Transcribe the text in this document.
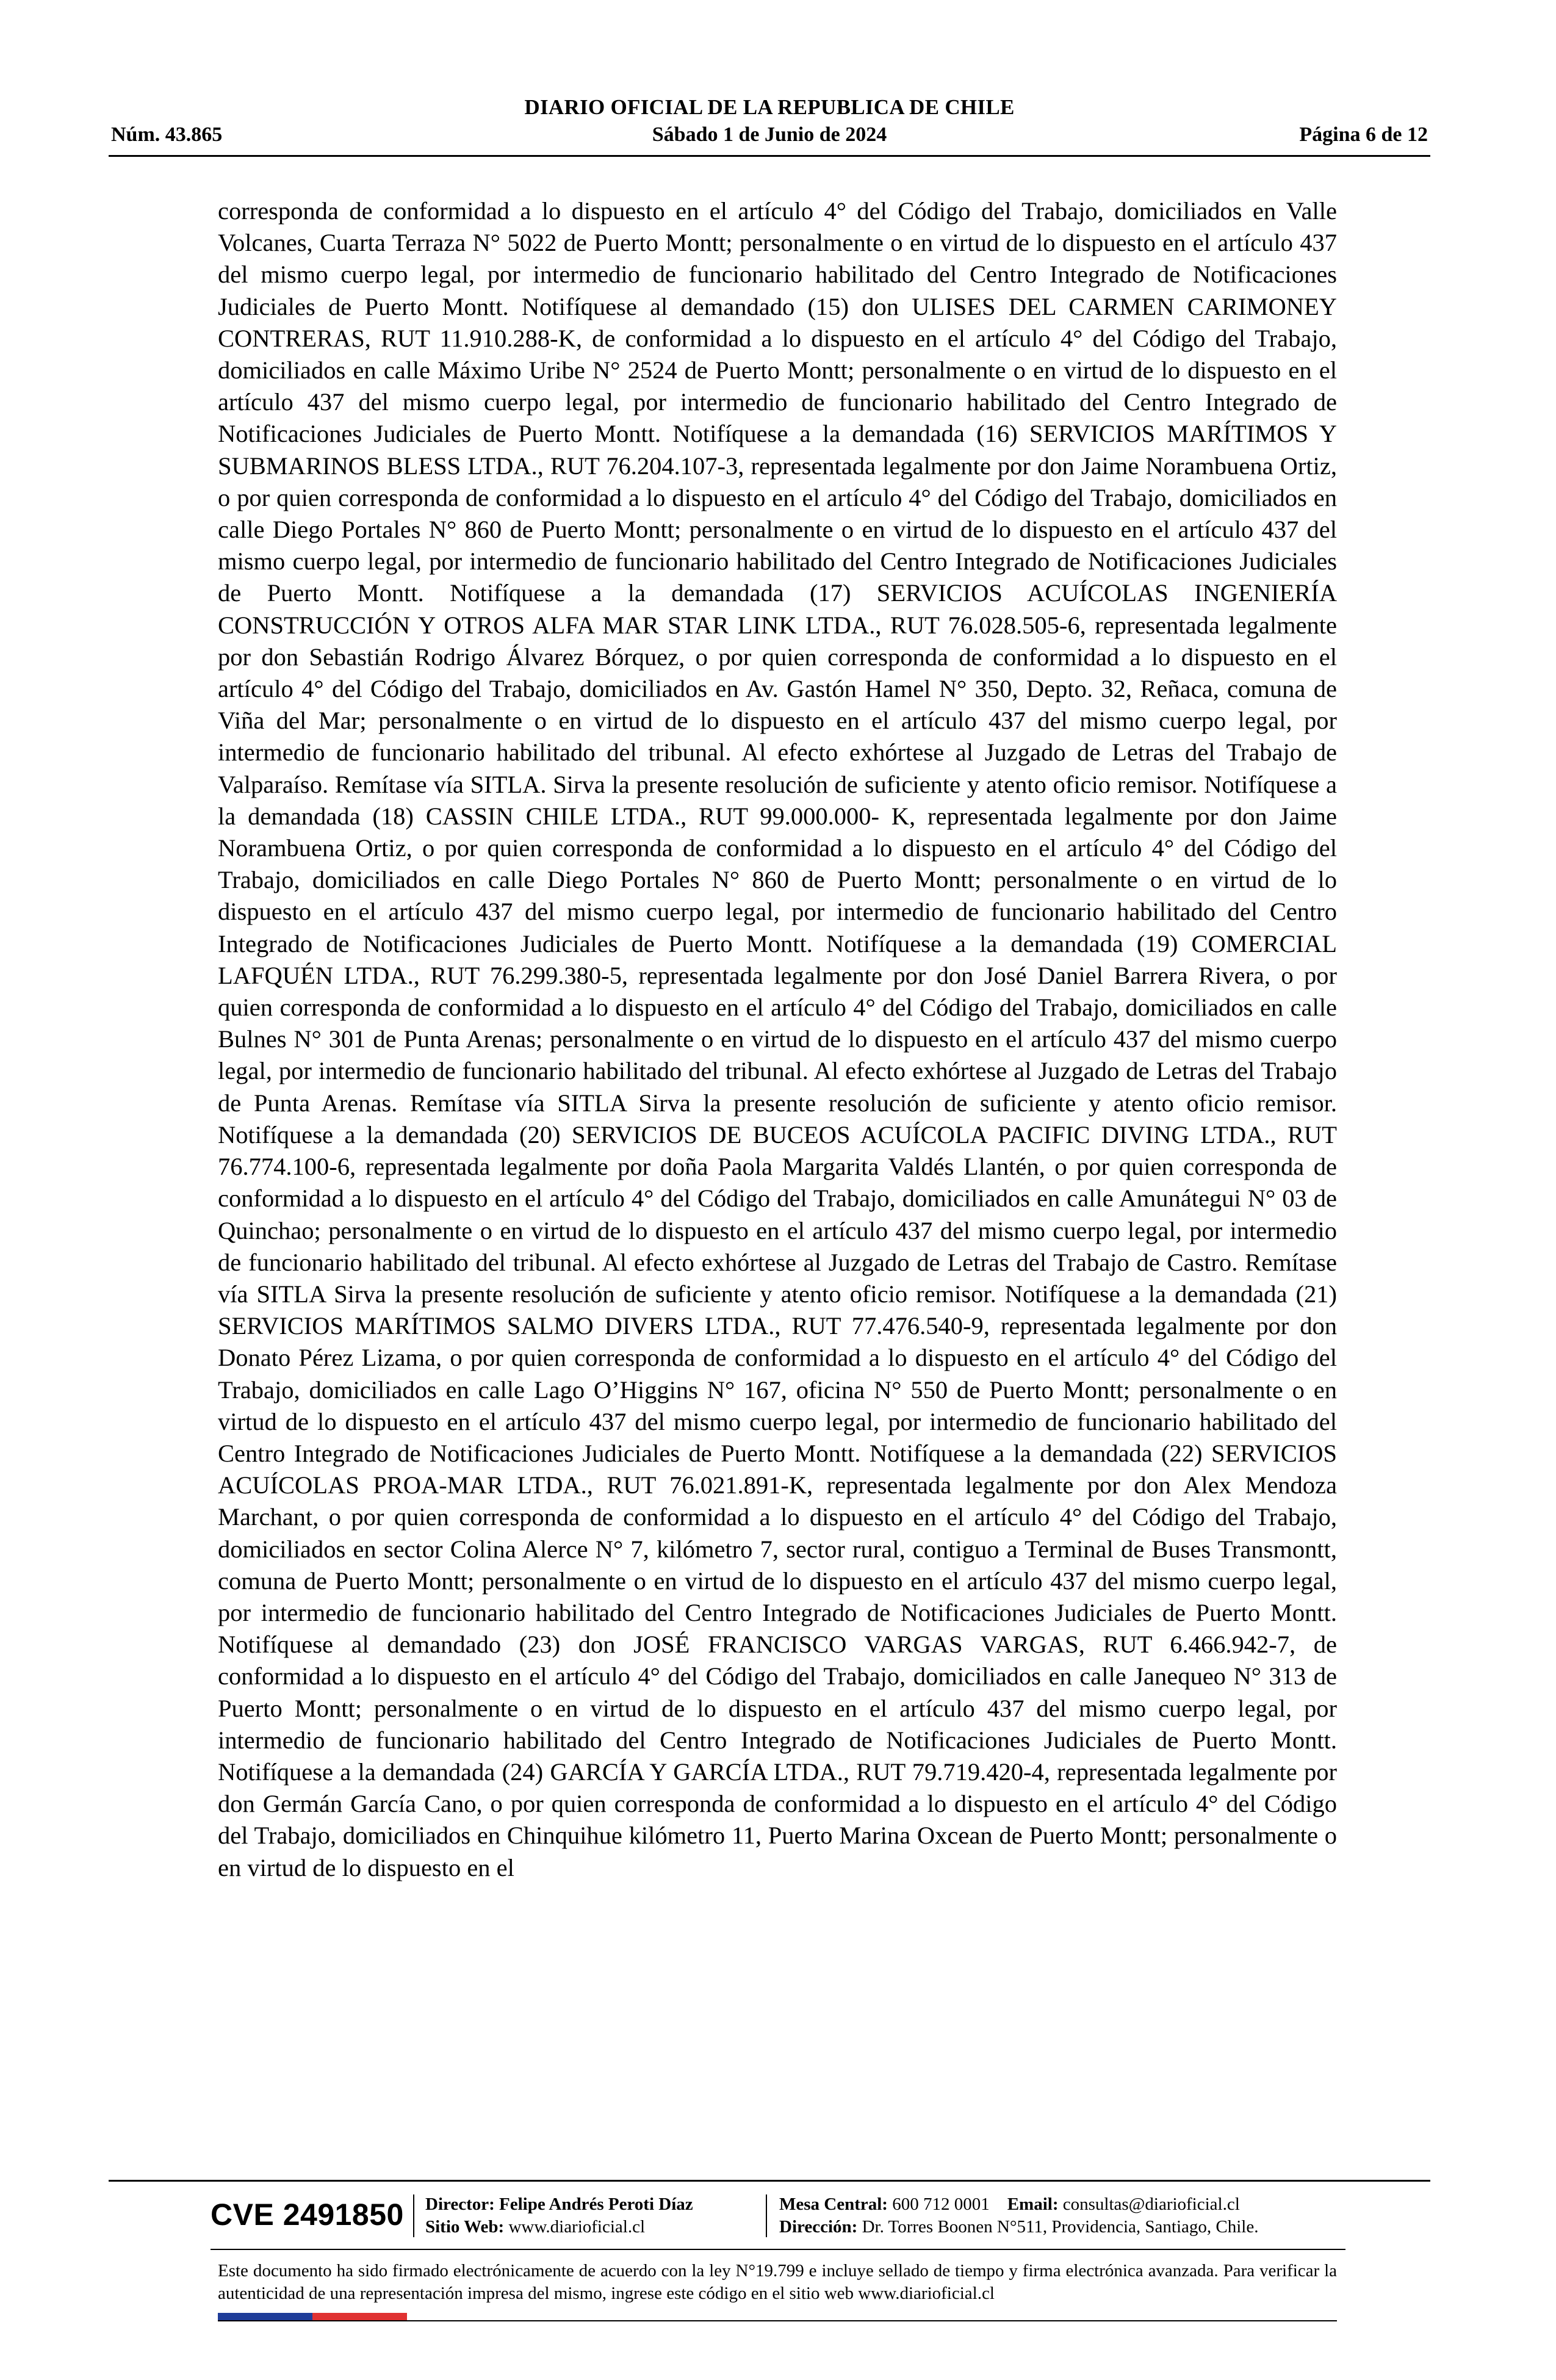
DIARIO OFICIAL DE LA REPUBLICA DE CHILE
Núm. 43.865	Sábado 1 de Junio de 2024	Página 6 de 12
corresponda de conformidad a lo dispuesto en el artículo 4° del Código del Trabajo, domiciliados en Valle Volcanes, Cuarta Terraza N° 5022 de Puerto Montt; personalmente o en virtud de lo dispuesto en el artículo 437 del mismo cuerpo legal, por intermedio de funcionario habilitado del Centro Integrado de Notificaciones Judiciales de Puerto Montt. Notifíquese al demandado (15) don ULISES DEL CARMEN CARIMONEY CONTRERAS, RUT 11.910.288-K, de conformidad a lo dispuesto en el artículo 4° del Código del Trabajo, domiciliados en calle Máximo Uribe N° 2524 de Puerto Montt; personalmente o en virtud de lo dispuesto en el artículo 437 del mismo cuerpo legal, por intermedio de funcionario habilitado del Centro Integrado de Notificaciones Judiciales de Puerto Montt. Notifíquese a la demandada (16) SERVICIOS MARÍTIMOS Y SUBMARINOS BLESS LTDA., RUT 76.204.107-3, representada legalmente por don Jaime Norambuena Ortiz, o por quien corresponda de conformidad a lo dispuesto en el artículo 4° del Código del Trabajo, domiciliados en calle Diego Portales N° 860 de Puerto Montt; personalmente o en virtud de lo dispuesto en el artículo 437 del mismo cuerpo legal, por intermedio de funcionario habilitado del Centro Integrado de Notificaciones Judiciales de Puerto Montt. Notifíquese a la demandada (17) SERVICIOS ACUÍCOLAS INGENIERÍA CONSTRUCCIÓN Y OTROS ALFA MAR STAR LINK LTDA., RUT 76.028.505-6, representada legalmente por don Sebastián Rodrigo Álvarez Bórquez, o por quien corresponda de conformidad a lo dispuesto en el artículo 4° del Código del Trabajo, domiciliados en Av. Gastón Hamel N° 350, Depto. 32, Reñaca, comuna de Viña del Mar; personalmente o en virtud de lo dispuesto en el artículo 437 del mismo cuerpo legal, por intermedio de funcionario habilitado del tribunal. Al efecto exhórtese al Juzgado de Letras del Trabajo de Valparaíso. Remítase vía SITLA. Sirva la presente resolución de suficiente y atento oficio remisor. Notifíquese a la demandada (18) CASSIN CHILE LTDA., RUT 99.000.000- K, representada legalmente por don Jaime Norambuena Ortiz, o por quien corresponda de conformidad a lo dispuesto en el artículo 4° del Código del Trabajo, domiciliados en calle Diego Portales N° 860 de Puerto Montt; personalmente o en virtud de lo dispuesto en el artículo 437 del mismo cuerpo legal, por intermedio de funcionario habilitado del Centro Integrado de Notificaciones Judiciales de Puerto Montt. Notifíquese a la demandada (19) COMERCIAL LAFQUÉN LTDA., RUT 76.299.380-5, representada legalmente por don José Daniel Barrera Rivera, o por quien corresponda de conformidad a lo dispuesto en el artículo 4° del Código del Trabajo, domiciliados en calle Bulnes N° 301 de Punta Arenas; personalmente o en virtud de lo dispuesto en el artículo 437 del mismo cuerpo legal, por intermedio de funcionario habilitado del tribunal. Al efecto exhórtese al Juzgado de Letras del Trabajo de Punta Arenas. Remítase vía SITLA Sirva la presente resolución de suficiente y atento oficio remisor. Notifíquese a la demandada (20) SERVICIOS DE BUCEOS ACUÍCOLA PACIFIC DIVING LTDA., RUT 76.774.100-6, representada legalmente por doña Paola Margarita Valdés Llantén, o por quien corresponda de conformidad a lo dispuesto en el artículo 4° del Código del Trabajo, domiciliados en calle Amunátegui N° 03 de Quinchao; personalmente o en virtud de lo dispuesto en el artículo 437 del mismo cuerpo legal, por intermedio de funcionario habilitado del tribunal. Al efecto exhórtese al Juzgado de Letras del Trabajo de Castro. Remítase vía SITLA Sirva la presente resolución de suficiente y atento oficio remisor. Notifíquese a la demandada (21) SERVICIOS MARÍTIMOS SALMO DIVERS LTDA., RUT 77.476.540-9, representada legalmente por don Donato Pérez Lizama, o por quien corresponda de conformidad a lo dispuesto en el artículo 4° del Código del Trabajo, domiciliados en calle Lago O’Higgins N° 167, oficina N° 550 de Puerto Montt; personalmente o en virtud de lo dispuesto en el artículo 437 del mismo cuerpo legal, por intermedio de funcionario habilitado del Centro Integrado de Notificaciones Judiciales de Puerto Montt. Notifíquese a la demandada (22) SERVICIOS ACUÍCOLAS PROA-MAR LTDA., RUT 76.021.891-K, representada legalmente por don Alex Mendoza Marchant, o por quien corresponda de conformidad a lo dispuesto en el artículo 4° del Código del Trabajo, domiciliados en sector Colina Alerce N° 7, kilómetro 7, sector rural, contiguo a Terminal de Buses Transmontt, comuna de Puerto Montt; personalmente o en virtud de lo dispuesto en el artículo 437 del mismo cuerpo legal, por intermedio de funcionario habilitado del Centro Integrado de Notificaciones Judiciales de Puerto Montt. Notifíquese al demandado (23) don JOSÉ FRANCISCO VARGAS VARGAS, RUT 6.466.942-7, de conformidad a lo dispuesto en el artículo 4° del Código del Trabajo, domiciliados en calle Janequeo N° 313 de Puerto Montt; personalmente o en virtud de lo dispuesto en el artículo 437 del mismo cuerpo legal, por intermedio de funcionario habilitado del Centro Integrado de Notificaciones Judiciales de Puerto Montt. Notifíquese a la demandada (24) GARCÍA Y GARCÍA LTDA., RUT 79.719.420-4, representada legalmente por don Germán García Cano, o por quien corresponda de conformidad a lo dispuesto en el artículo 4° del Código del Trabajo, domiciliados en Chinquihue kilómetro 11, Puerto Marina Oxcean de Puerto Montt; personalmente o en virtud de lo dispuesto en el
CVE 2491850 Director: Felipe Andrés Peroti Díaz
Sitio Web: www.diarioficial.cl
Mesa Central: 600 712 0001 Email: consultas@diarioficial.cl
Dirección: Dr. Torres Boonen N°511, Providencia, Santiago, Chile.
Este documento ha sido firmado electrónicamente de acuerdo con la ley N°19.799 e incluye sellado de tiempo y firma electrónica avanzada. Para verificar la autenticidad de una representación impresa del mismo, ingrese este código en el sitio web www.diarioficial.cl
